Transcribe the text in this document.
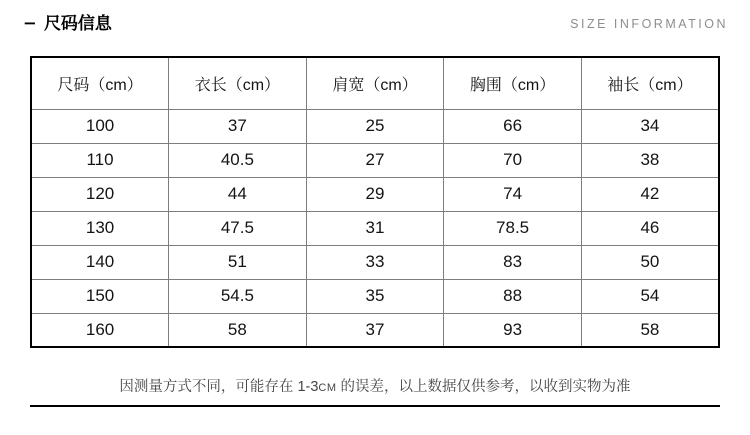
− 尺码信息	SIZE INFORMATION
尺码（cm）	衣长（cm）	肩宽（cm）	胸围（cm）	袖长（cm）
100	37	25	66	34
110	40.5	27	70	38
120	44	29	74	42
130	47.5	31	78.5	46
140	51	33	83	50
150	54.5	35	88	54
160	58	37	93	58
因测量方式不同，可能存在 1-3CM 的误差，以上数据仅供参考，以收到实物为准
